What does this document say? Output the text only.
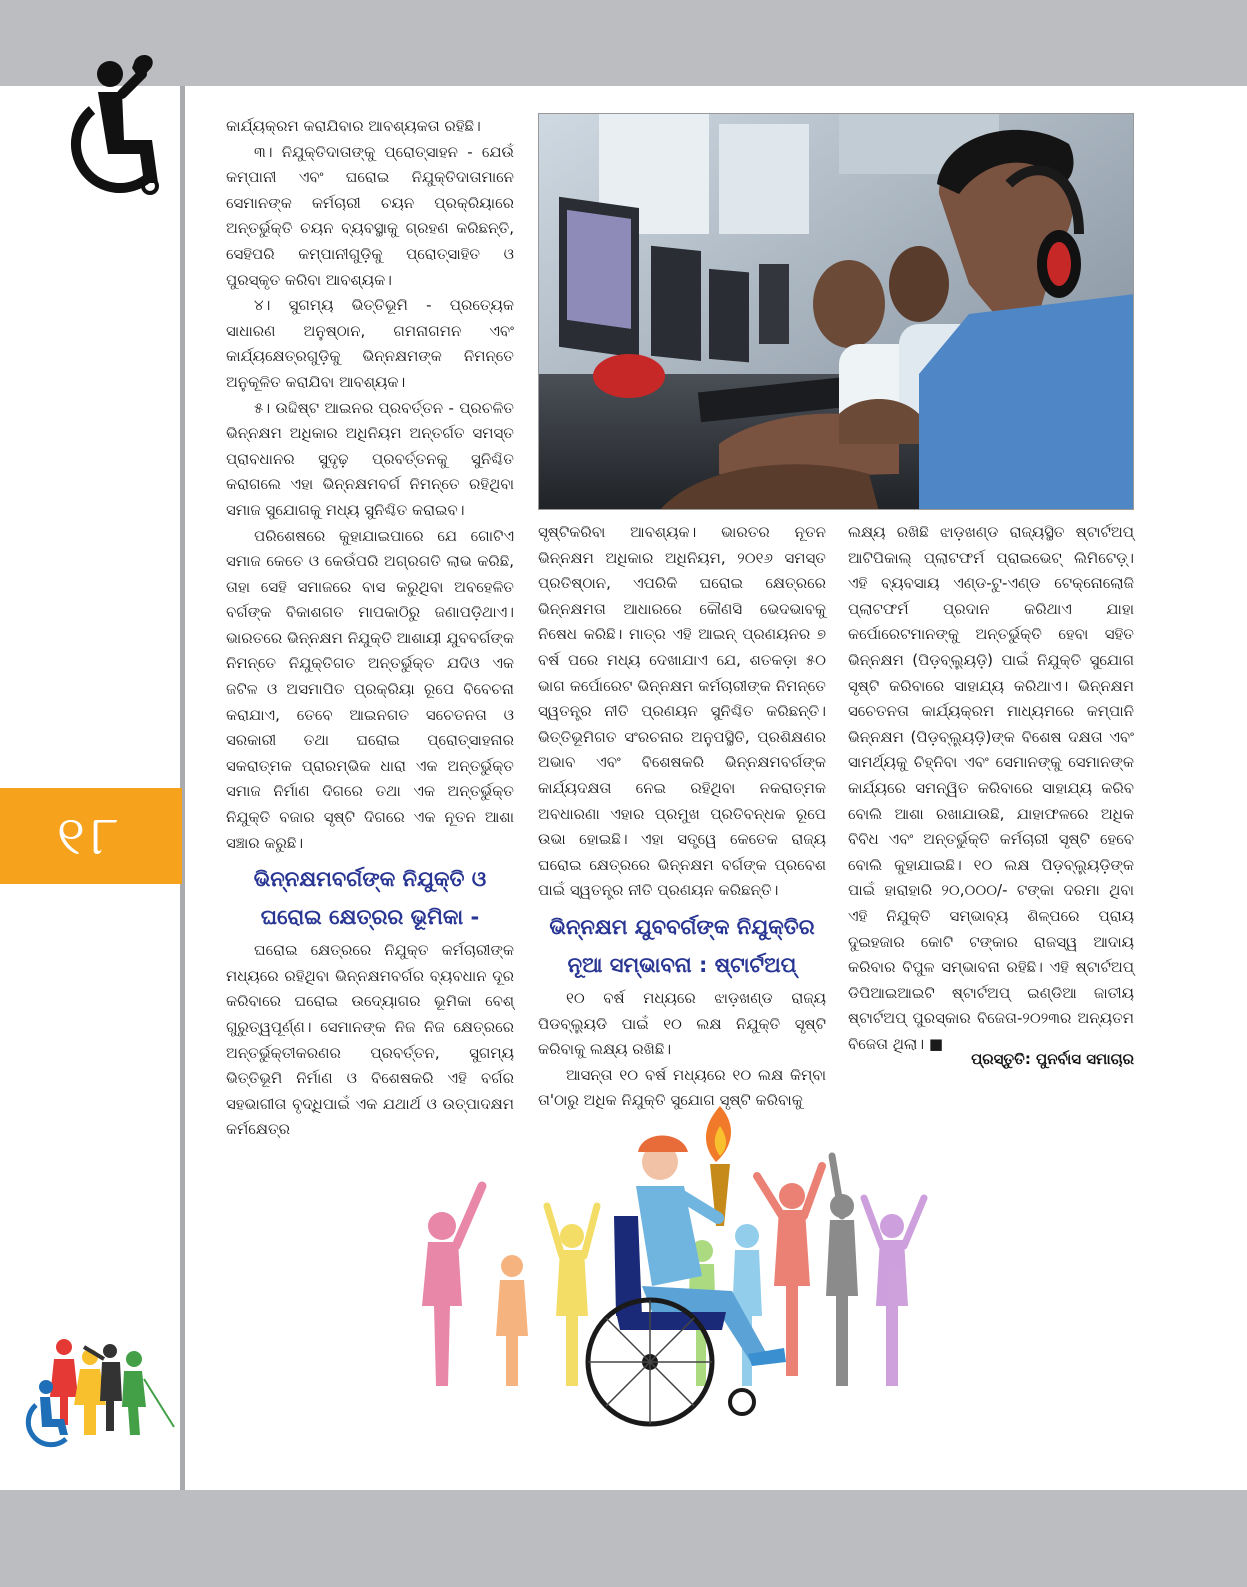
୧୮

କାର୍ଯ୍ୟକ୍ରମ କରାଯିବାର ଆବଶ୍ୟକତା ରହିଛି।

୩। ନିଯୁକ୍ତିଦାତାଙ୍କୁ ପ୍ରୋତ୍ସାହନ - ଯେଉଁ କମ୍ପାନୀ ଏବଂ ଘରୋଇ ନିଯୁକ୍ତିଦାତାମାନେ ସେମାନଙ୍କ କର୍ମଚାରୀ ଚୟନ ପ୍ରକ୍ରିୟାରେ ଅନ୍ତର୍ଭୁକ୍ତି ଚୟନ ବ୍ୟବସ୍ଥାକୁ ଗ୍ରହଣ କରିଛନ୍ତି, ସେହିପରି କମ୍ପାନୀଗୁଡ଼ିକୁ ପ୍ରୋତ୍ସାହିତ ଓ ପୁରସ୍କୃତ କରିବା ଆବଶ୍ୟକ।

୪। ସୁଗମ୍ୟ ଭିତ୍ତିଭୂମି - ପ୍ରତ୍ୟେକ ସାଧାରଣ ଅନୁଷ୍ଠାନ, ଗମନାଗମନ ଏବଂ କାର୍ଯ୍ୟକ୍ଷେତ୍ରଗୁଡ଼ିକୁ ଭିନ୍ନକ୍ଷମଙ୍କ ନିମନ୍ତେ ଅନୁକୂଳିତ କରାଯିବା ଆବଶ୍ୟକ।

୫। ଉଦ୍ଦିଷ୍ଟ ଆଇନର ପ୍ରବର୍ତ୍ତନ - ପ୍ରଚଳିତ ଭିନ୍ନକ୍ଷମ ଅଧିକାର ଅଧିନିୟମ ଅନ୍ତର୍ଗତ ସମସ୍ତ ପ୍ରାବଧାନର ସୁଦୃଢ଼ ପ୍ରବର୍ତ୍ତନକୁ ସୁନିଶ୍ଚିତ କରାଗଲେ ଏହା ଭିନ୍ନକ୍ଷମବର୍ଗ ନିମନ୍ତେ ରହିଥିବା ସମାଜ ସୁଯୋଗକୁ ମଧ୍ୟ ସୁନିଶ୍ଚିତ କରାଇବ।

ପରିଶେଷରେ କୁହାଯାଇପାରେ ଯେ ଗୋଟିଏ ସମାଜ କେତେ ଓ କେଉଁପରି ଅଗ୍ରଗତି ଲାଭ କରିଛି, ତାହା ସେହି ସମାଜରେ ବାସ କରୁଥିବା ଅବହେଳିତ ବର୍ଗଙ୍କ ବିକାଶଗତ ମାପକାଠିରୁ ଜଣାପଡ଼ିଥାଏ। ଭାରତରେ ଭିନ୍ନକ୍ଷମ ନିଯୁକ୍ତି ଆଶାୟୀ ଯୁବବର୍ଗଙ୍କ ନିମନ୍ତେ ନିଯୁକ୍ତିଗତ ଅନ୍ତର୍ଭୁକ୍ତ ଯଦିଓ ଏକ ଜଟିଳ ଓ ଅସମାପିତ ପ୍ରକ୍ରିୟା ରୂପେ ବିବେଚନା କରାଯାଏ, ତେବେ ଆଇନଗତ ସଚେତନତା ଓ ସରକାରୀ ତଥା ଘରୋଇ ପ୍ରୋତ୍ସାହନାର ସକରାତ୍ମକ ପ୍ରାରମ୍ଭିକ ଧାରା ଏକ ଅନ୍ତର୍ଭୁକ୍ତ ସମାଜ ନିର୍ମାଣ ଦିଗରେ ତଥା ଏକ ଅନ୍ତର୍ଭୁକ୍ତ ନିଯୁକ୍ତି ବଜାର ସୃଷ୍ଟି ଦିଗରେ ଏକ ନୂତନ ଆଶା ସଞ୍ଚାର କରୁଛି।

ଭିନ୍ନକ୍ଷମବର୍ଗଙ୍କ ନିଯୁକ୍ତି ଓ ଘରୋଇ କ୍ଷେତ୍ରର ଭୂମିକା -

ଘରୋଇ କ୍ଷେତ୍ରରେ ନିଯୁକ୍ତ କର୍ମଚାରୀଙ୍କ ମଧ୍ୟରେ ରହିଥିବା ଭିନ୍ନକ୍ଷମବର୍ଗର ବ୍ୟବଧାନ ଦୂର କରିବାରେ ଘରୋଇ ଉଦ୍ୟୋଗର ଭୂମିକା ବେଶ୍ ଗୁରୁତ୍ୱପୂର୍ଣ୍ଣ। ସେମାନଙ୍କ ନିଜ ନିଜ କ୍ଷେତ୍ରରେ ଅନ୍ତର୍ଭୁକ୍ତୀକରଣର ପ୍ରବର୍ତ୍ତନ, ସୁଗମ୍ୟ ଭିତ୍ତିଭୂମି ନିର୍ମାଣ ଓ ବିଶେଷକରି ଏହି ବର୍ଗର ସହଭାଗୀତା ବୃଦ୍ଧିପାଇଁ ଏକ ଯଥାର୍ଥ ଓ ଉତ୍ପାଦକ୍ଷମ କର୍ମକ୍ଷେତ୍ର

ସୃଷ୍ଟିକରିବା ଆବଶ୍ୟକ। ଭାରତର ନୂତନ ଭିନ୍ନକ୍ଷମ ଅଧିକାର ଅଧିନିୟମ, ୨୦୧୬ ସମସ୍ତ ପ୍ରତିଷ୍ଠାନ, ଏପରିକି ଘରୋଇ କ୍ଷେତ୍ରରେ ଭିନ୍ନକ୍ଷମତା ଆଧାରରେ କୌଣସି ଭେଦଭାବକୁ ନିଷେଧ କରିଛି। ମାତ୍ର ଏହି ଆଇନ୍ ପ୍ରଣୟନର ୭ ବର୍ଷ ପରେ ମଧ୍ୟ ଦେଖାଯାଏ ଯେ, ଶତକଡ଼ା ୫୦ ଭାଗ କର୍ପୋରେଟ ଭିନ୍ନକ୍ଷମ କର୍ମଚାରୀଙ୍କ ନିମନ୍ତେ ସ୍ୱତନ୍ତ୍ର ନୀତି ପ୍ରଣୟନ ସୁନିଶ୍ଚିତ କରିଛନ୍ତି। ଭିତ୍ତିଭୂମିଗତ ସଂରଚନାର ଅନୁପସ୍ଥିତି, ପ୍ରଶିକ୍ଷଣର ଅଭାବ ଏବଂ ବିଶେଷକରି ଭିନ୍ନକ୍ଷମବର୍ଗଙ୍କ କାର୍ଯ୍ୟଦକ୍ଷତା ନେଇ ରହିଥିବା ନକରାତ୍ମକ ଅବଧାରଣା ଏହାର ପ୍ରମୁଖ ପ୍ରତିବନ୍ଧକ ରୂପେ ଉଭା ହୋଇଛି। ଏହା ସତ୍ତ୍ୱେ କେତେକ ରାଜ୍ୟ ଘରୋଇ କ୍ଷେତ୍ରରେ ଭିନ୍ନକ୍ଷମ ବର୍ଗଙ୍କ ପ୍ରବେଶ ପାଇଁ ସ୍ୱତନ୍ତ୍ର ନୀତି ପ୍ରଣୟନ କରିଛନ୍ତି।

ଭିନ୍ନକ୍ଷମ ଯୁବବର୍ଗଙ୍କ ନିଯୁକ୍ତିର ନୂଆ ସମ୍ଭାବନା : ଷ୍ଟାର୍ଟଅପ୍

୧୦ ବର୍ଷ ମଧ୍ୟରେ ଝାଡ଼ଖଣ୍ଡ ରାଜ୍ୟ ପିଡବ୍ଲ୍ୟୁଡି ପାଇଁ ୧୦ ଲକ୍ଷ ନିଯୁକ୍ତି ସୃଷ୍ଟି କରିବାକୁ ଲକ୍ଷ୍ୟ ରଖିଛି।

ଆସନ୍ତା ୧୦ ବର୍ଷ ମଧ୍ୟରେ ୧୦ ଲକ୍ଷ କିମ୍ବା ତା'ଠାରୁ ଅଧିକ ନିଯୁକ୍ତି ସୁଯୋଗ ସୃଷ୍ଟି କରିବାକୁ

ଲକ୍ଷ୍ୟ ରଖିଛି ଝାଡ଼ଖଣ୍ଡ ରାଜ୍ୟସ୍ଥିତ ଷ୍ଟାର୍ଟଅପ୍ ଆଟିପିକାଲ୍ ପ୍ଲାଟଫର୍ମ ପ୍ରାଇଭେଟ୍ ଲିମିଟେଡ଼୍। ଏହି ବ୍ୟବସାୟ ଏଣ୍ଡ-ଟୁ-ଏଣ୍ଡ ଟେକ୍ନୋଲୋଜି ପ୍ଲାଟଫର୍ମ ପ୍ରଦାନ କରିଥାଏ ଯାହା କର୍ପୋରେଟମାନଙ୍କୁ ଅନ୍ତର୍ଭୁକ୍ତି ହେବା ସହିତ ଭିନ୍ନକ୍ଷମ (ପିଡ଼ବ୍ଲ୍ୟୁଡ଼ି) ପାଇଁ ନିଯୁକ୍ତି ସୁଯୋଗ ସୃଷ୍ଟି କରିବାରେ ସାହାଯ୍ୟ କରିଥାଏ। ଭିନ୍ନକ୍ଷମ ସଚେତନତା କାର୍ଯ୍ୟକ୍ରମ ମାଧ୍ୟମରେ କମ୍ପାନି ଭିନ୍ନକ୍ଷମ (ପିଡ଼ବ୍ଲ୍ୟୁଡ଼ି)ଙ୍କ ବିଶେଷ ଦକ୍ଷତା ଏବଂ ସାମର୍ଥ୍ୟକୁ ଚିହ୍ନିବା ଏବଂ ସେମାନଙ୍କୁ ସେମାନଙ୍କ କାର୍ଯ୍ୟରେ ସମନ୍ୱିତ କରିବାରେ ସାହାଯ୍ୟ କରିବ ବୋଲି ଆଶା ରଖାଯାଉଛି, ଯାହାଫଳରେ ଅଧିକ ବିବିଧ ଏବଂ ଅନ୍ତର୍ଭୁକ୍ତି କର୍ମଚାରୀ ସୃଷ୍ଟି ହେବେ ବୋଲି କୁହାଯାଇଛି। ୧୦ ଲକ୍ଷ ପିଡ଼ବ୍ଲ୍ୟୁଡ଼ିଙ୍କ ପାଇଁ ହାରାହାରି ୨୦,୦୦୦/- ଟଙ୍କା ଦରମା ଥିବା ଏହି ନିଯୁକ୍ତି ସମ୍ଭାବ୍ୟ ଶିଳ୍ପରେ ପ୍ରାୟ ଦୁଇହଜାର କୋଟି ଟଙ୍କାର ରାଜସ୍ୱ ଆଦାୟ କରିବାର ବିପୁଳ ସମ୍ଭାବନା ରହିଛି। ଏହି ଷ୍ଟାର୍ଟଅପ୍ ଡିପିଆଇଆଇଟି ଷ୍ଟାର୍ଟଅପ୍ ଇଣ୍ଡିଆ ଜାତୀୟ ଷ୍ଟାର୍ଟଅପ୍ ପୁରସ୍କାର ବିଜେତା-୨୦୨୩ର ଅନ୍ୟତମ ବିଜେତା ଥିଲା। ■

ପ୍ରସ୍ତୁତି: ପୁନର୍ବାସ ସମାଚାର
